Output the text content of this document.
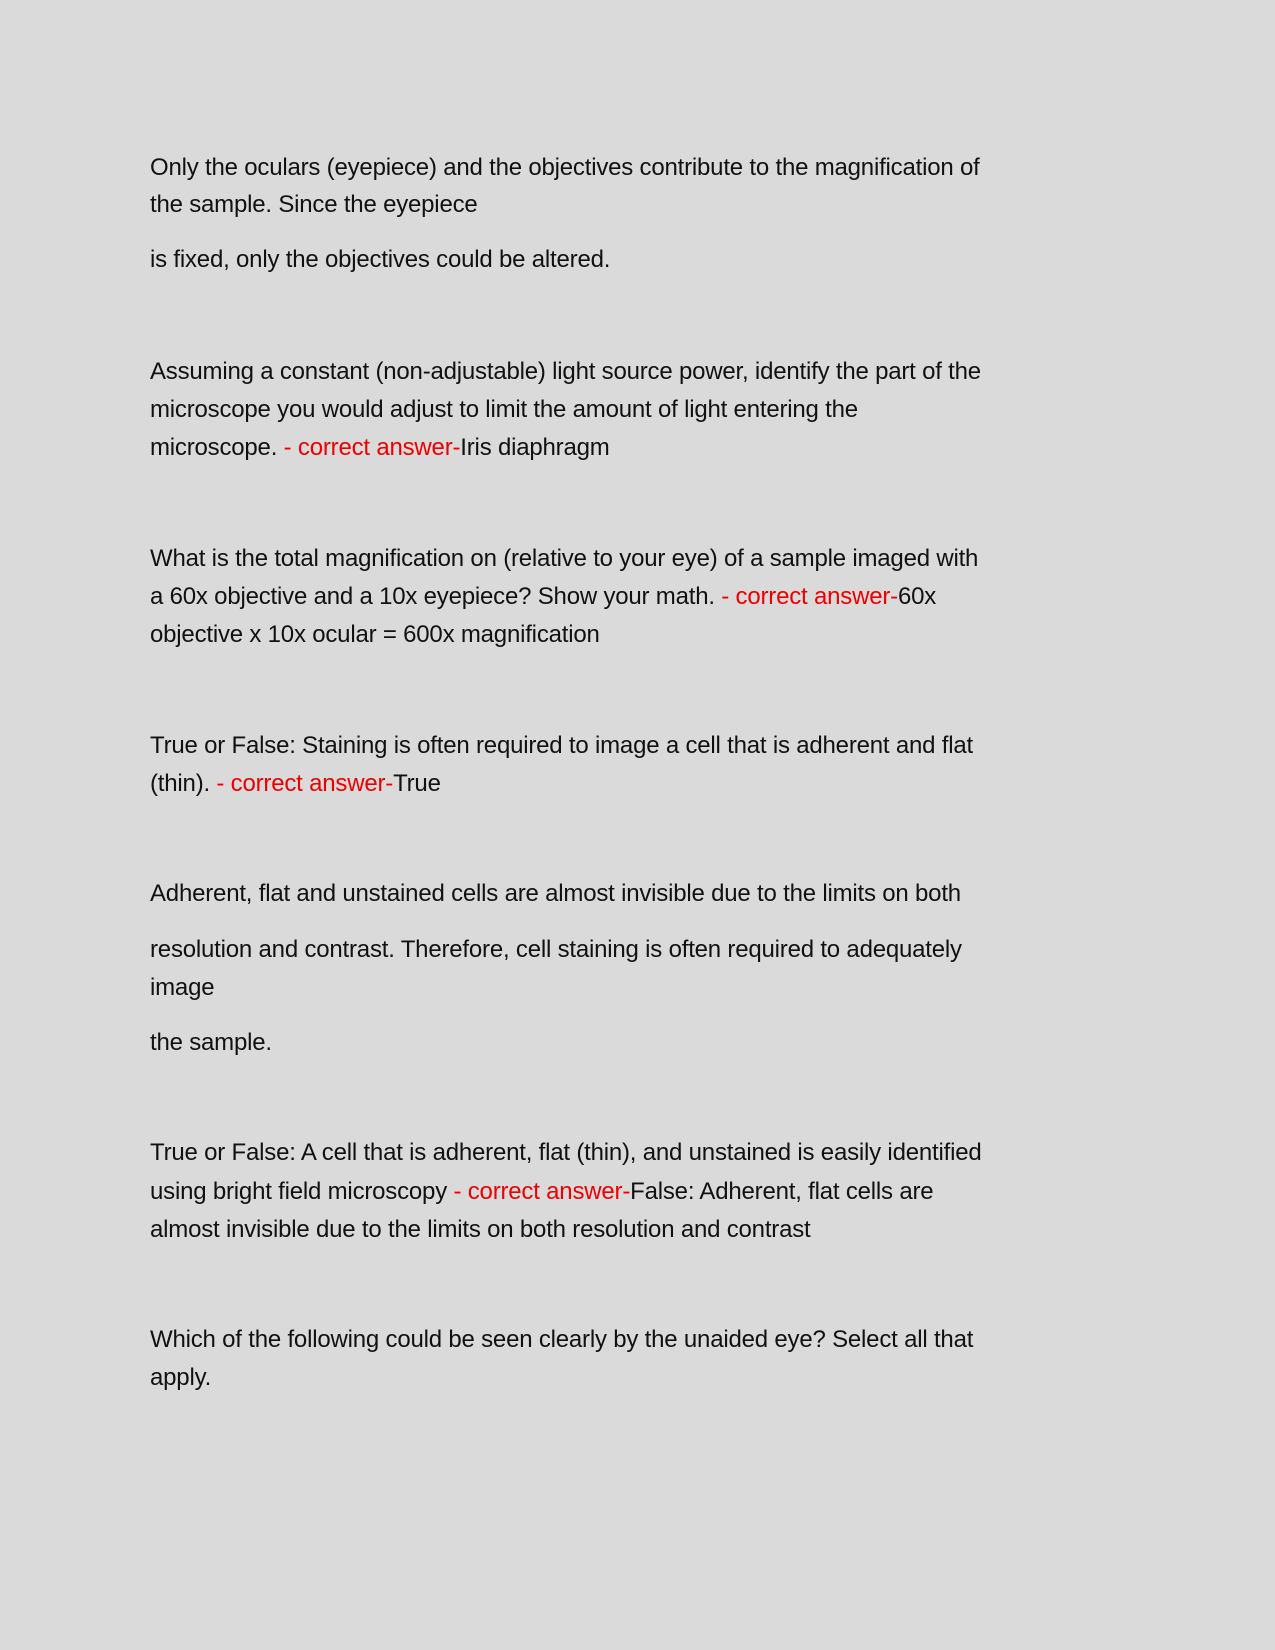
Only the oculars (eyepiece) and the objectives contribute to the magnification of
the sample. Since the eyepiece
is fixed, only the objectives could be altered.
Assuming a constant (non-adjustable) light source power, identify the part of the
microscope you would adjust to limit the amount of light entering the
microscope. - correct answer-Iris diaphragm
What is the total magnification on (relative to your eye) of a sample imaged with
a 60x objective and a 10x eyepiece? Show your math. - correct answer-60x
objective x 10x ocular = 600x magnification
True or False: Staining is often required to image a cell that is adherent and flat
(thin). - correct answer-True
Adherent, flat and unstained cells are almost invisible due to the limits on both
resolution and contrast. Therefore, cell staining is often required to adequately
image
the sample.
True or False: A cell that is adherent, flat (thin), and unstained is easily identified
using bright field microscopy - correct answer-False: Adherent, flat cells are
almost invisible due to the limits on both resolution and contrast
Which of the following could be seen clearly by the unaided eye? Select all that
apply.
